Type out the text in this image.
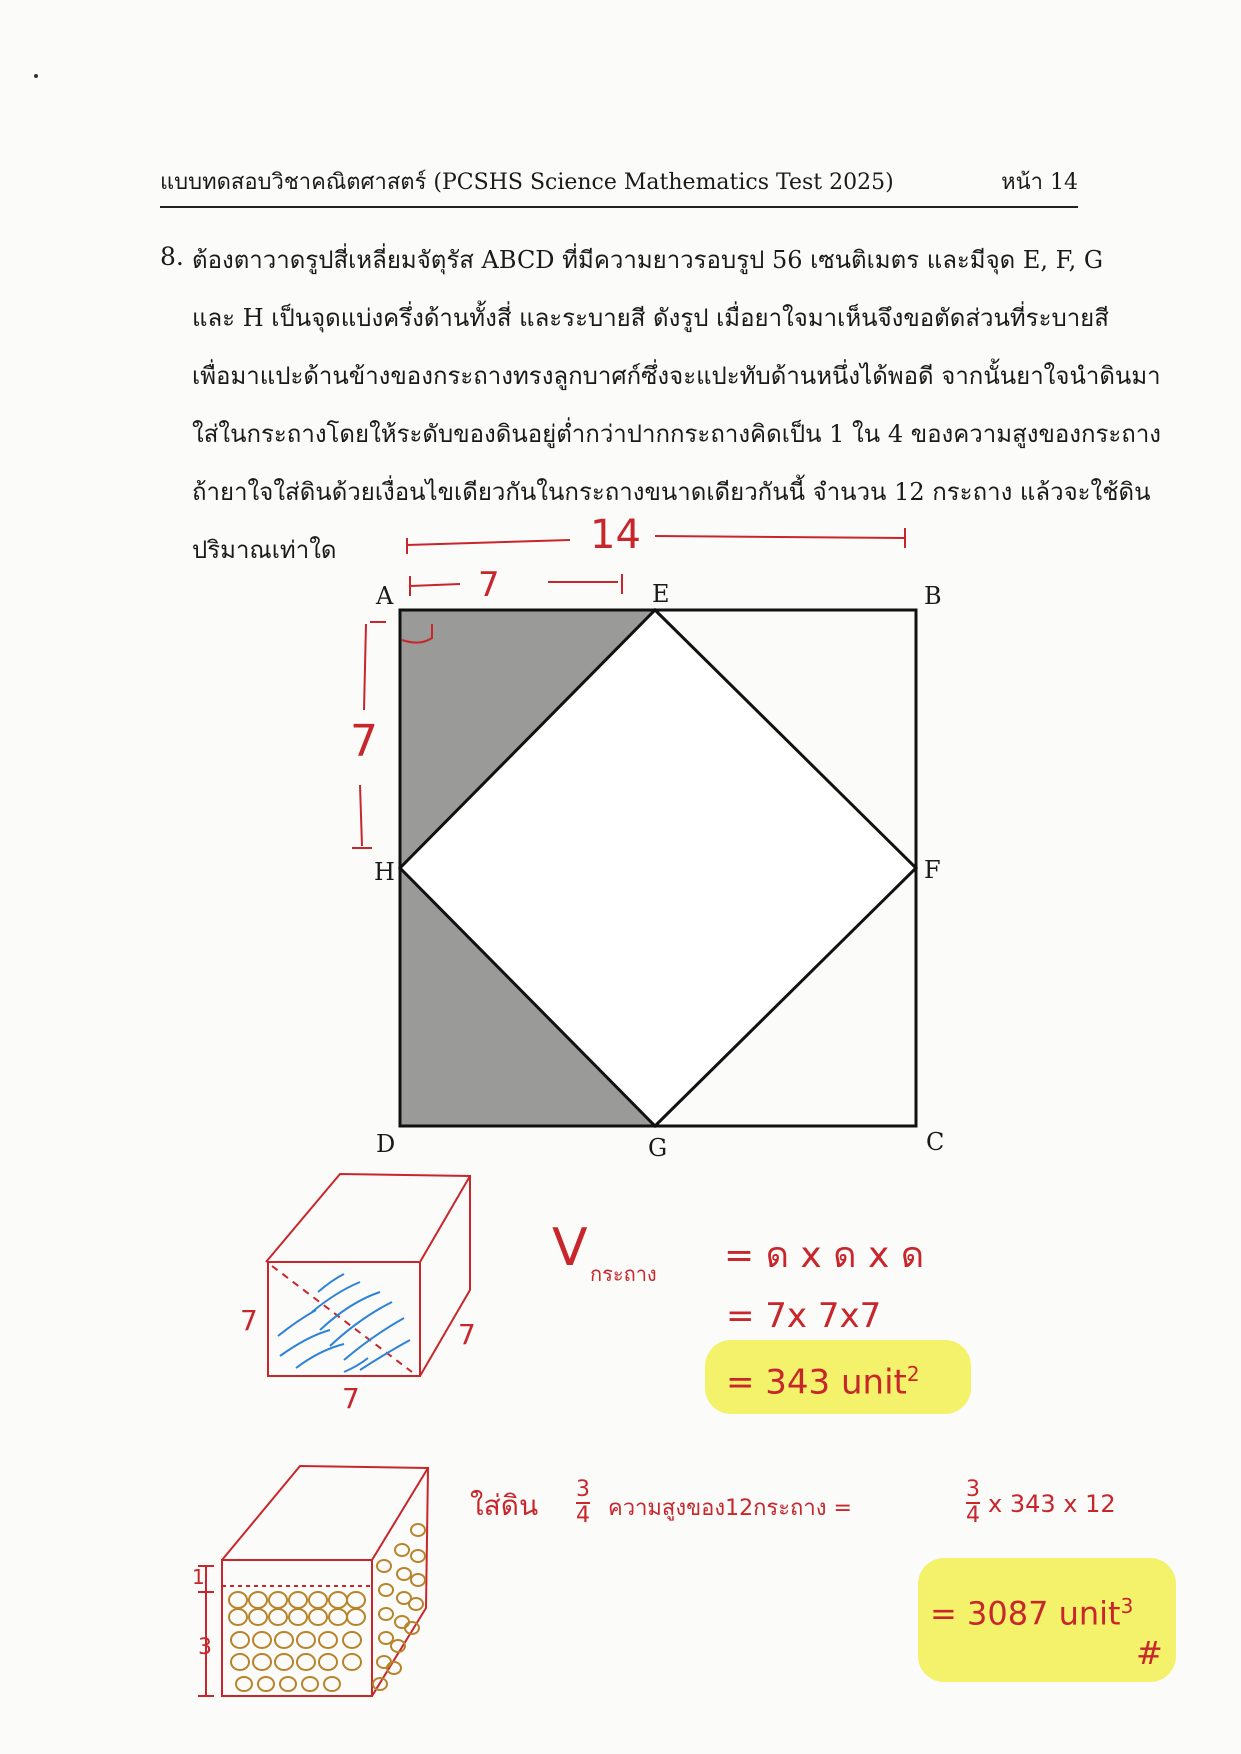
แบบทดสอบวิชาคณิตศาสตร์ (PCSHS Science Mathematics Test 2025)	หน้า 14
8. ต้องตาวาดรูปสี่เหลี่ยมจัตุรัส ABCD ที่มีความยาวรอบรูป 56 เซนติเมตร และมีจุด E, F, G
และ H เป็นจุดแบ่งครึ่งด้านทั้งสี่ และระบายสี ดังรูป เมื่อยาใจมาเห็นจึงขอตัดส่วนที่ระบายสี
เพื่อมาแปะด้านข้างของกระถางทรงลูกบาศก์ซึ่งจะแปะทับด้านหนึ่งได้พอดี จากนั้นยาใจนำดินมา
ใส่ในกระถางโดยให้ระดับของดินอยู่ต่ำกว่าปากกระถางคิดเป็น 1 ใน 4 ของความสูงของกระถาง
ถ้ายาใจใส่ดินด้วยเงื่อนไขเดียวกันในกระถางขนาดเดียวกันนี้ จำนวน 12 กระถาง แล้วจะใช้ดิน
ปริมาณเท่าใด	14
7
7
7
7
7
1
3
A	E	B
H	F
D	G	C
V กระถาง = ด x ด x ด
= 7x 7x7
= 343 unit$^2$
ใส่ดิน $\frac{3}{4}$ ความสูงของ12กระถาง =	$\frac{3}{4}$ x 343 x 12
= 3087 unit$^3$
#
